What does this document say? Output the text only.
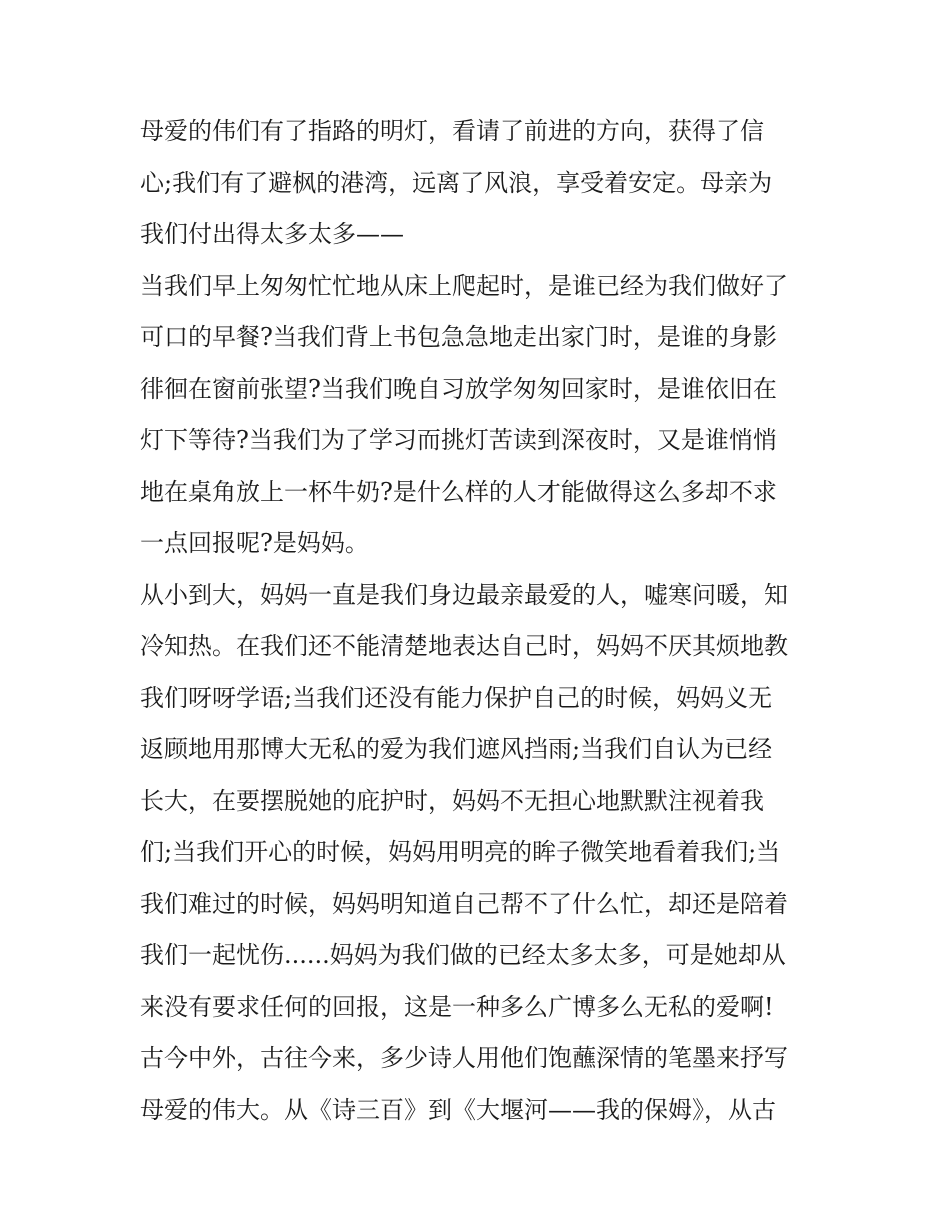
母爱的伟们有了指路的明灯，看请了前进的方向，获得了信
心;我们有了避枫的港湾，远离了风浪，享受着安定。母亲为
我们付出得太多太多——
当我们早上匆匆忙忙地从床上爬起时，是谁已经为我们做好了
可口的早餐?当我们背上书包急急地走出家门时，是谁的身影
徘徊在窗前张望?当我们晚自习放学匆匆回家时，是谁依旧在
灯下等待?当我们为了学习而挑灯苦读到深夜时，又是谁悄悄
地在桌角放上一杯牛奶?是什么样的人才能做得这么多却不求
一点回报呢?是妈妈。
从小到大，妈妈一直是我们身边最亲最爱的人，嘘寒问暖，知
冷知热。在我们还不能清楚地表达自己时，妈妈不厌其烦地教
我们呀呀学语;当我们还没有能力保护自己的时候，妈妈义无
返顾地用那博大无私的爱为我们遮风挡雨;当我们自认为已经
长大，在要摆脱她的庇护时，妈妈不无担心地默默注视着我
们;当我们开心的时候，妈妈用明亮的眸子微笑地看着我们;当
我们难过的时候，妈妈明知道自己帮不了什么忙，却还是陪着
我们一起忧伤......妈妈为我们做的已经太多太多，可是她却从
来没有要求任何的回报，这是一种多么广博多么无私的爱啊!
古今中外，古往今来，多少诗人用他们饱蘸深情的笔墨来抒写
母爱的伟大。从《诗三百》到《大堰河——我的保姆》，从古
